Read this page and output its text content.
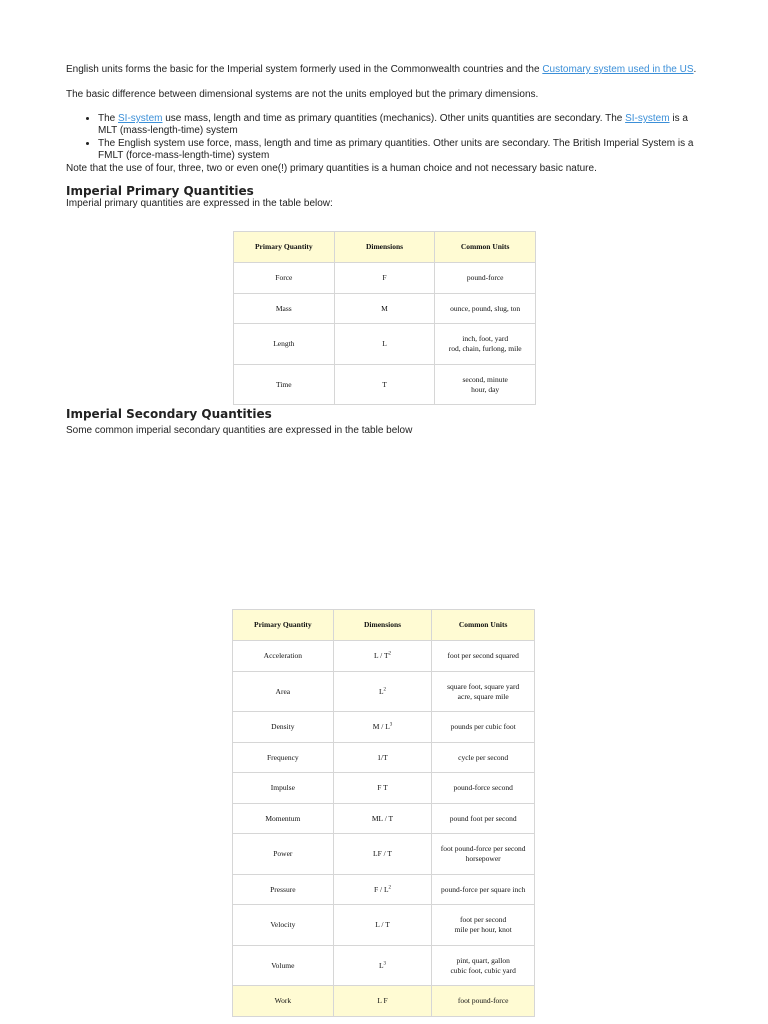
English units forms the basic for the Imperial system formerly used in the Commonwealth countries and the Customary system used in the US.

The basic difference between dimensional systems are not the units employed but the primary dimensions.

• The SI-system use mass, length and time as primary quantities (mechanics). Other units quantities are secondary. The SI-system is a MLT (mass-length-time) system
• The English system use force, mass, length and time as primary quantities. Other units are secondary. The British Imperial System is a FMLT (force-mass-length-time) system

Note that the use of four, three, two or even one(!) primary quantities is a human choice and not necessary basic nature.

Imperial Primary Quantities

Imperial primary quantities are expressed in the table below:

Primary Quantity	Dimensions	Common Units
Force	F	pound-force
Mass	M	ounce, pound, slug, ton
Length	L	inch, foot, yard
rod, chain, furlong, mile

Time	T	second, minute
hour, day
Imperial Secondary Quantities

Some common imperial secondary quantities are expressed in the table below

Primary Quantity	Dimensions	Common Units
Acceleration	L / $T^2$	foot per second squared
Area	$L^2$	square foot, square yard
acre, square mile

Density	M / $L^3$	pounds per cubic foot
Frequency	1/T	cycle per second
Impulse	F T	pound-force second
Momentum	ML / T	pound foot per second
Power	LF / T	foot pound-force per second
horsepower

Pressure	F / $L^2$	pound-force per square inch
Velocity	L / T	foot per second
mile per hour, knot

Volume	$L^3$	pint, quart, gallon
cubic foot, cubic yard

Work	L F	foot pound-force
